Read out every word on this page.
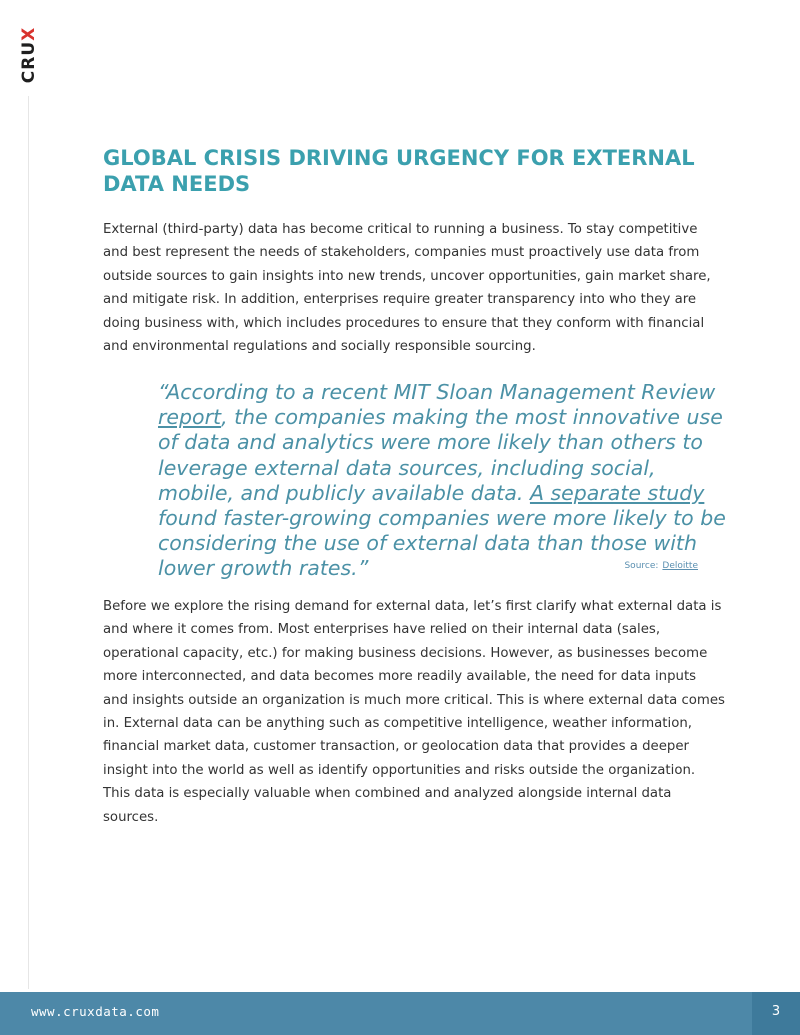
CRUX
GLOBAL CRISIS DRIVING URGENCY FOR EXTERNAL DATA NEEDS

External (third-party) data has become critical to running a business. To stay competitive and best represent the needs of stakeholders, companies must proactively use data from outside sources to gain insights into new trends, uncover opportunities, gain market share, and mitigate risk. In addition, enterprises require greater transparency into who they are doing business with, which includes procedures to ensure that they conform with financial and environmental regulations and socially responsible sourcing.

“According to a recent MIT Sloan Management Review report, the companies making the most innovative use of data and analytics were more likely than others to leverage external data sources, including social, mobile, and publicly available data. A separate study found faster-growing companies were more likely to be considering the use of external data than those with lower growth rates.”	Source: Deloitte

Before we explore the rising demand for external data, let’s first clarify what external data is and where it comes from. Most enterprises have relied on their internal data (sales, operational capacity, etc.) for making business decisions. However, as businesses become more interconnected, and data becomes more readily available, the need for data inputs and insights outside an organization is much more critical. This is where external data comes in. External data can be anything such as competitive intelligence, weather information, financial market data, customer transaction, or geolocation data that provides a deeper insight into the world as well as identify opportunities and risks outside the organization. This data is especially valuable when combined and analyzed alongside internal data sources.

www.cruxdata.com	3
